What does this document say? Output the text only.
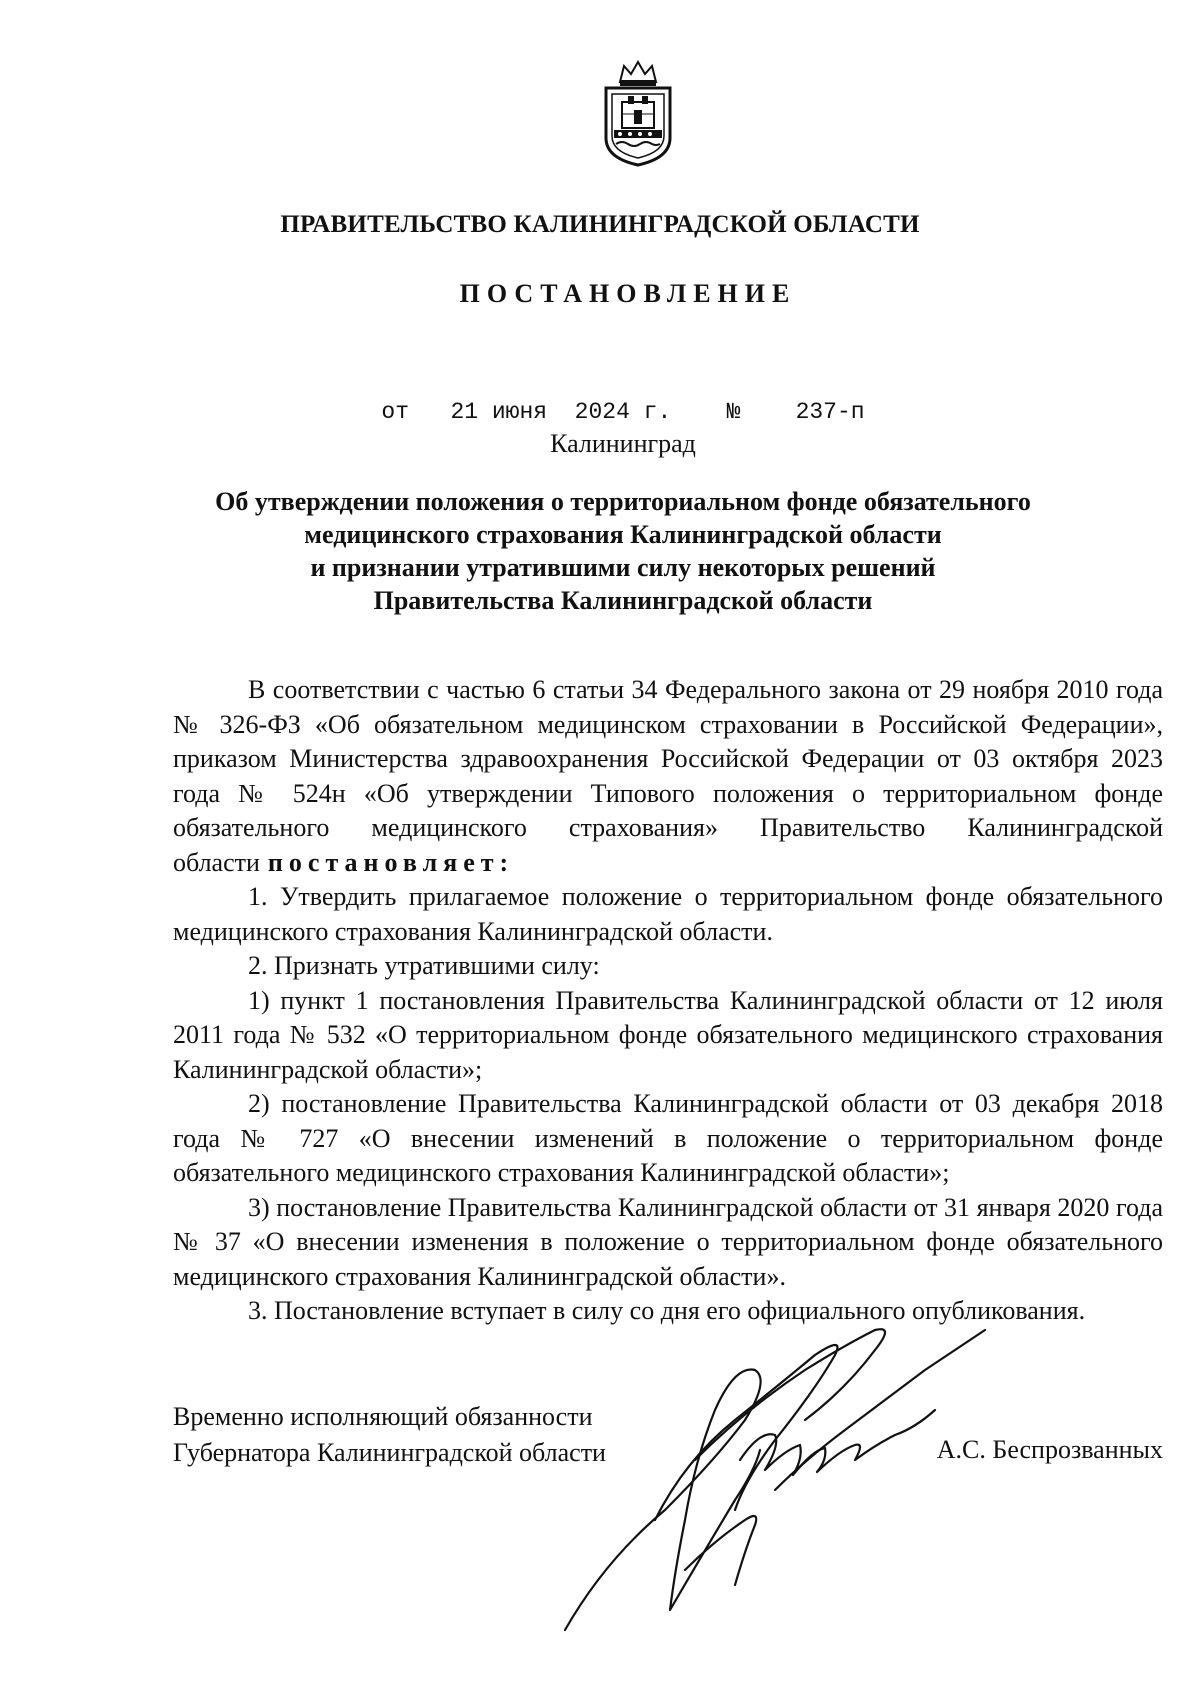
ПРАВИТЕЛЬСТВО КАЛИНИНГРАДСКОЙ ОБЛАСТИ
ПОСТАНОВЛЕНИЕ
от 21 июня  2024 г. № 237-п
Калининград
Об утверждении положения о территориальном фонде обязательного
медицинского страхования Калининградской области
и признании утратившими силу некоторых решений
Правительства Калининградской области

В соответствии с частью 6 статьи 34 Федерального закона от 29 ноября 2010 года № 326-ФЗ «Об обязательном медицинском страховании в Российской Федерации», приказом Министерства здравоохранения Российской Федерации от 03 октября 2023 года № 524н «Об утверждении Типового положения о территориальном фонде обязательного медицинского страхования» Правительство Калининградской области постановляет:

1. Утвердить прилагаемое положение о территориальном фонде обязательного медицинского страхования Калининградской области.

2. Признать утратившими силу:

1) пункт 1 постановления Правительства Калининградской области от 12 июля 2011 года № 532 «О территориальном фонде обязательного медицинского страхования Калининградской области»;

2) постановление Правительства Калининградской области от 03 декабря 2018 года № 727 «О внесении изменений в положение о территориальном фонде обязательного медицинского страхования Калининградской области»;

3) постановление Правительства Калининградской области от 31 января 2020 года № 37 «О внесении изменения в положение о территориальном фонде обязательного медицинского страхования Калининградской области».

3. Постановление вступает в силу со дня его официального опубликования.

Временно исполняющий обязанности
Губернатора Калининградской области	А.С. Беспрозванных
